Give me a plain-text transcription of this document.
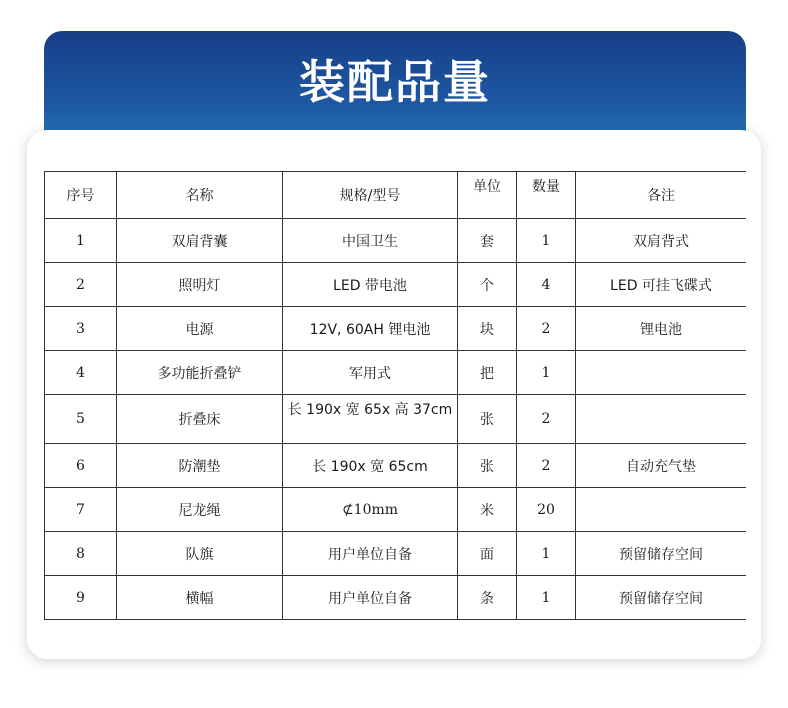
装配品量
序号	名称	规格/型号	单位	数量	各注
1	双肩背囊	中国卫生	套	1	双肩背式
2	照明灯	LED 带电池	个	4	LED 可挂飞碟式
3	电源	12V, 60AH 锂电池	块	2	锂电池
4	多功能折叠铲	军用式	把	1	
5	折叠床	长 190x 宽 65x 高 37cm	张	2	
6	防潮垫	长 190x 宽 65cm	张	2	自动充气垫
7	尼龙绳	⊄10mm	米	20	
8	队旗	用户单位自备	面	1	预留储存空间
9	横幅	用户单位自备	条	1	预留储存空间
